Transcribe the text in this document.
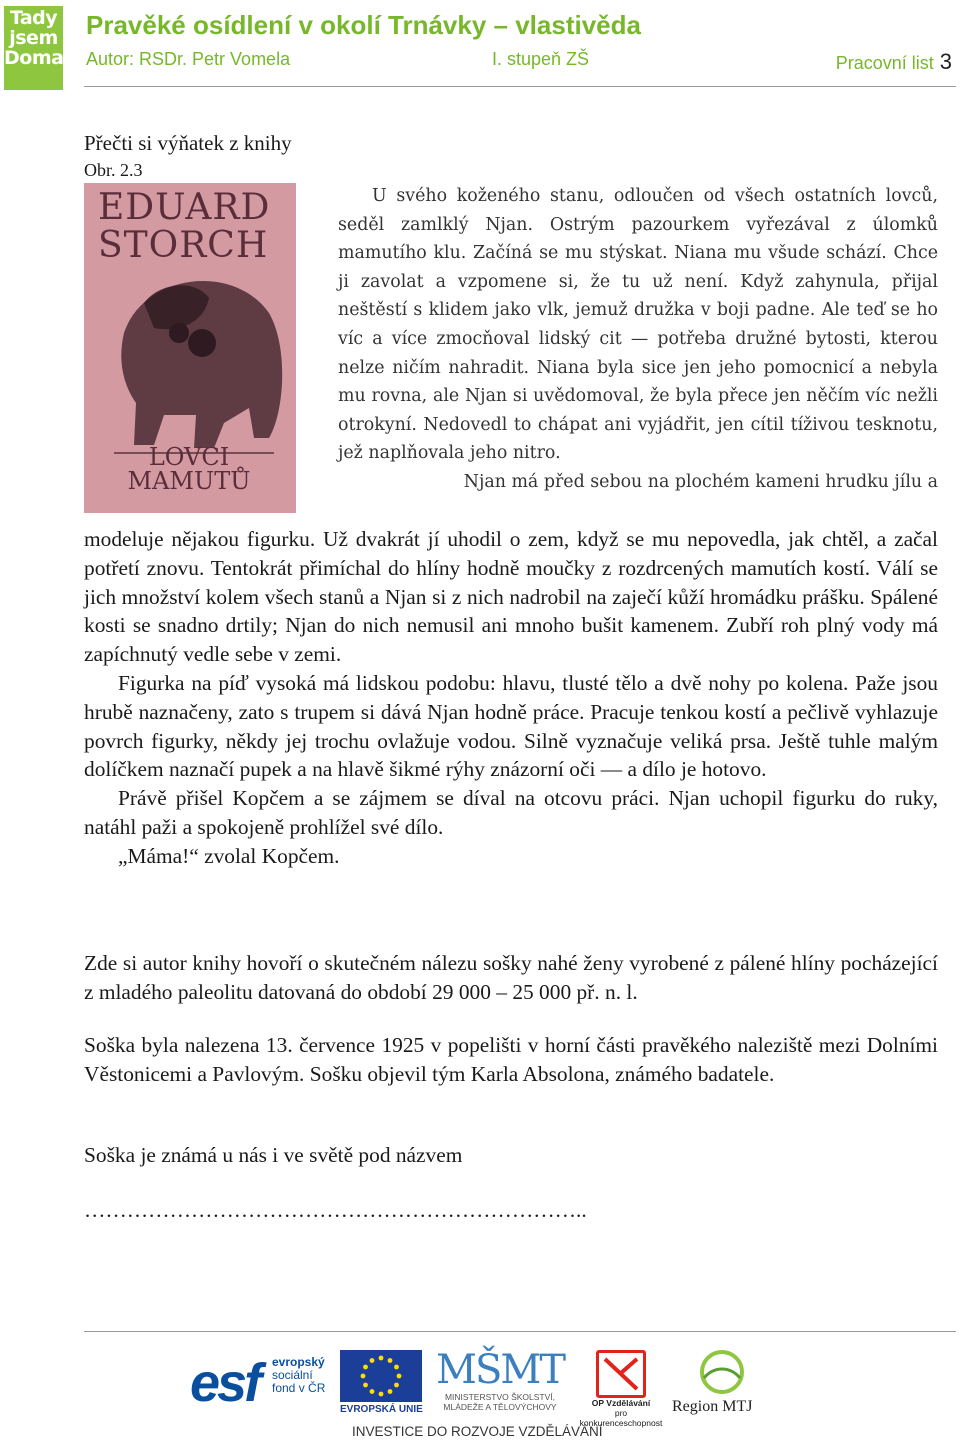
Tady
jsem
Doma
Pravěké osídlení v okolí Trnávky – vlastivěda
Autor: RSDr. Petr Vomela	I. stupeň ZŠ	Pracovní list 3
Přečti si výňatek z knihy
Obr. 2.3
EDUARD STORCH
LOVCI MAMUTŮ

U svého koženého stanu, odloučen od všech ostatních lovců, seděl zamlklý Njan. Ostrým pazourkem vyřezával z úlomků mamutího klu. Začíná se mu stýskat. Niana mu všude schází. Chce ji zavolat a vzpomene si, že tu už není. Když zahynula, přijal neštěstí s klidem jako vlk, jemuž družka v boji padne. Ale teď se ho víc a více zmocňoval lidský cit — potřeba družné bytosti, kterou nelze ničím nahradit. Niana byla sice jen jeho pomocnicí a nebyla mu rovna, ale Njan si uvědomoval, že byla přece jen něčím víc nežli otrokyní. Nedovedl to chápat ani vyjádřit, jen cítil tíživou tesknotu, jež naplňovala jeho nitro.

Njan má před sebou na plochém kameni hrudku jílu a

modeluje nějakou figurku. Už dvakrát jí uhodil o zem, když se mu nepovedla, jak chtěl, a začal potřetí znovu. Tentokrát přimíchal do hlíny hodně moučky z rozdrcených mamutích kostí. Válí se jich množství kolem všech stanů a Njan si z nich nadrobil na zaječí kůží hromádku prášku. Spálené kosti se snadno drtily; Njan do nich nemusil ani mnoho bušit kamenem. Zubří roh plný vody má zapíchnutý vedle sebe v zemi.

Figurka na píď vysoká má lidskou podobu: hlavu, tlusté tělo a dvě nohy po kolena. Paže jsou hrubě naznačeny, zato s trupem si dává Njan hodně práce. Pracuje tenkou kostí a pečlivě vyhlazuje povrch figurky, někdy jej trochu ovlažuje vodou. Silně vyznačuje veliká prsa. Ještě tuhle malým dolíčkem naznačí pupek a na hlavě šikmé rýhy znázorní oči — a dílo je hotovo.

Právě přišel Kopčem a se zájmem se díval na otcovu práci. Njan uchopil figurku do ruky, natáhl paži a spokojeně prohlížel své dílo.

„Máma!“ zvolal Kopčem.

Zde si autor knihy hovoří o skutečném nálezu sošky nahé ženy vyrobené z pálené hlíny pocházející z mladého paleolitu datovaná do období 29 000 – 25 000 př. n. l.
Soška byla nalezena 13. července 1925 v popelišti v horní části pravěkého naleziště mezi Dolními Věstonicemi a Pavlovým. Sošku objevil tým Karla Absolona, známého badatele.
Soška je známá u nás i ve světě pod názvem
……………………………………………………………..
esf evropský
sociální
fond v ČR
EVROPSKÁ UNIE
MŠMT
MINISTERSTVO ŠKOLSTVÍ,
MLÁDEŽE A TĚLOVÝCHOVY	OP Vzdělávání
pro konkurenceschopnost
Region MTJ
INVESTICE DO ROZVOJE VZDĚLÁVÁNÍ
